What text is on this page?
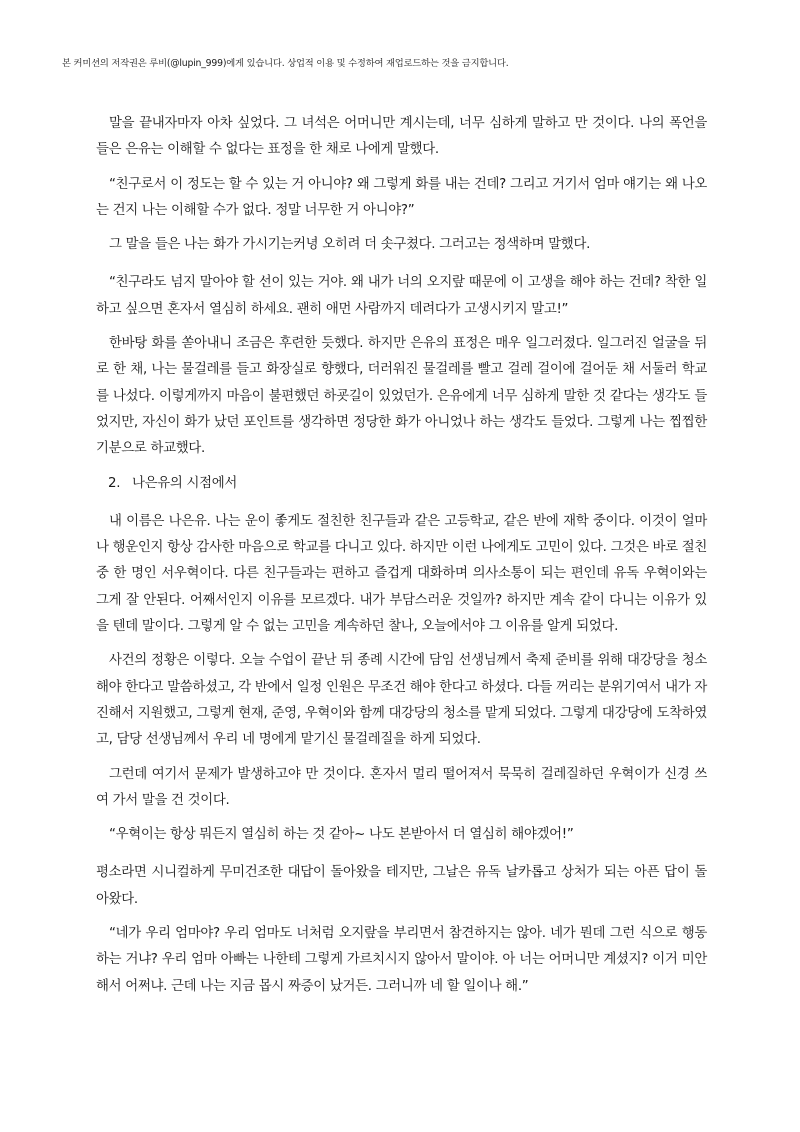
본 커미션의 저작권은 루비(@lupin_999)에게 있습니다. 상업적 이용 및 수정하여 재업로드하는 것을 금지합니다.

말을 끝내자마자 아차 싶었다. 그 녀석은 어머니만 계시는데, 너무 심하게 말하고 만 것이다. 나의 폭언을 들은 은유는 이해할 수 없다는 표정을 한 채로 나에게 말했다.

“친구로서 이 정도는 할 수 있는 거 아니야? 왜 그렇게 화를 내는 건데? 그리고 거기서 엄마 얘기는 왜 나오는 건지 나는 이해할 수가 없다. 정말 너무한 거 아니야?”

그 말을 들은 나는 화가 가시기는커녕 오히려 더 솟구쳤다. 그러고는 정색하며 말했다.

“친구라도 넘지 말아야 할 선이 있는 거야. 왜 내가 너의 오지랖 때문에 이 고생을 해야 하는 건데? 착한 일 하고 싶으면 혼자서 열심히 하세요. 괜히 애먼 사람까지 데려다가 고생시키지 말고!”

한바탕 화를 쏟아내니 조금은 후련한 듯했다. 하지만 은유의 표정은 매우 일그러졌다. 일그러진 얼굴을 뒤로 한 채, 나는 물걸레를 들고 화장실로 향했다, 더러워진 물걸레를 빨고 걸레 걸이에 걸어둔 채 서둘러 학교를 나섰다. 이렇게까지 마음이 불편했던 하굣길이 있었던가. 은유에게 너무 심하게 말한 것 같다는 생각도 들었지만, 자신이 화가 났던 포인트를 생각하면 정당한 화가 아니었나 하는 생각도 들었다. 그렇게 나는 찝찝한 기분으로 하교했다.

2. 나은유의 시점에서

내 이름은 나은유. 나는 운이 좋게도 절친한 친구들과 같은 고등학교, 같은 반에 재학 중이다. 이것이 얼마나 행운인지 항상 감사한 마음으로 학교를 다니고 있다. 하지만 이런 나에게도 고민이 있다. 그것은 바로 절친 중 한 명인 서우혁이다. 다른 친구들과는 편하고 즐겁게 대화하며 의사소통이 되는 편인데 유독 우혁이와는 그게 잘 안된다. 어째서인지 이유를 모르겠다. 내가 부담스러운 것일까? 하지만 계속 같이 다니는 이유가 있을 텐데 말이다. 그렇게 알 수 없는 고민을 계속하던 찰나, 오늘에서야 그 이유를 알게 되었다.

사건의 정황은 이렇다. 오늘 수업이 끝난 뒤 종례 시간에 담임 선생님께서 축제 준비를 위해 대강당을 청소해야 한다고 말씀하셨고, 각 반에서 일정 인원은 무조건 해야 한다고 하셨다. 다들 꺼리는 분위기여서 내가 자진해서 지원했고, 그렇게 현재, 준영, 우혁이와 함께 대강당의 청소를 맡게 되었다. 그렇게 대강당에 도착하였고, 담당 선생님께서 우리 네 명에게 맡기신 물걸레질을 하게 되었다.

그런데 여기서 문제가 발생하고야 만 것이다. 혼자서 멀리 떨어져서 묵묵히 걸레질하던 우혁이가 신경 쓰여 가서 말을 건 것이다.

“우혁이는 항상 뭐든지 열심히 하는 것 같아~ 나도 본받아서 더 열심히 해야겠어!”

평소라면 시니컬하게 무미건조한 대답이 돌아왔을 테지만, 그날은 유독 날카롭고 상처가 되는 아픈 답이 돌아왔다.

“네가 우리 엄마야? 우리 엄마도 너처럼 오지랖을 부리면서 참견하지는 않아. 네가 뭔데 그런 식으로 행동하는 거냐? 우리 엄마 아빠는 나한테 그렇게 가르치시지 않아서 말이야. 아 너는 어머니만 계셨지? 이거 미안해서 어쩌냐. 근데 나는 지금 몹시 짜증이 났거든. 그러니까 네 할 일이나 해.”
